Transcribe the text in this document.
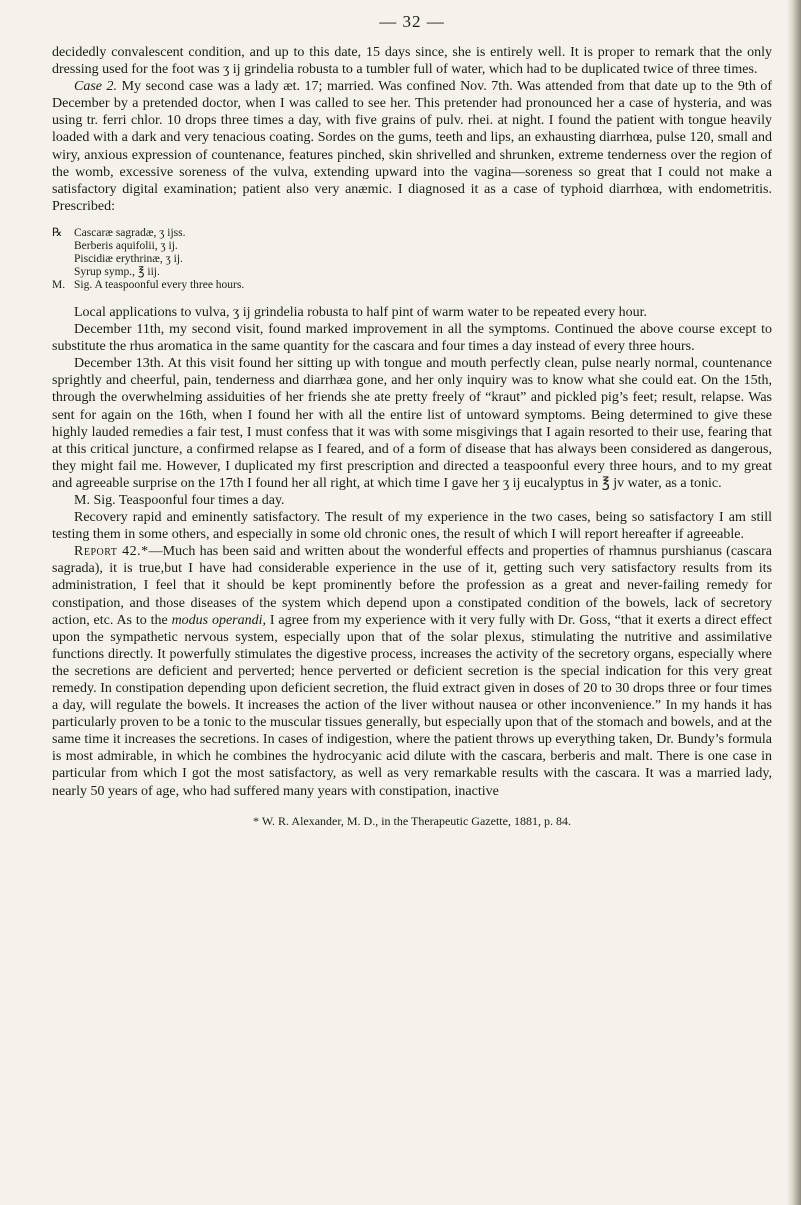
— 32 —

decidedly convalescent condition, and up to this date, 15 days since, she is entirely well. It is proper to remark that the only dressing used for the foot was ʒ ij grindelia robusta to a tumbler full of water, which had to be duplicated twice of three times.

Case 2. My second case was a lady æt. 17; married. Was confined Nov. 7th. Was attended from that date up to the 9th of December by a pretended doctor, when I was called to see her. This pretender had pronounced her a case of hysteria, and was using tr. ferri chlor. 10 drops three times a day, with five grains of pulv. rhei. at night. I found the patient with tongue heavily loaded with a dark and very tenacious coating. Sordes on the gums, teeth and lips, an exhausting diarrhœa, pulse 120, small and wiry, anxious expression of countenance, features pinched, skin shrivelled and shrunken, extreme tenderness over the region of the womb, excessive soreness of the vulva, extending upward into the vagina—soreness so great that I could not make a satisfactory digital examination; patient also very anæmic. I diagnosed it as a case of typhoid diarrhœa, with endometritis. Prescribed:

℞	Cascaræ sagradæ, ʒ ijss.
Berberis aquifolii, ʒ ij.
Piscidiæ erythrinæ, ʒ ij.
Syrup symp., ℥ iij.
M. Sig. A teaspoonful every three hours.

Local applications to vulva, ʒ ij grindelia robusta to half pint of warm water to be repeated every hour.

December 11th, my second visit, found marked improvement in all the symptoms. Continued the above course except to substitute the rhus aromatica in the same quantity for the cascara and four times a day instead of every three hours.

December 13th. At this visit found her sitting up with tongue and mouth perfectly clean, pulse nearly normal, countenance sprightly and cheerful, pain, tenderness and diarrhæa gone, and her only inquiry was to know what she could eat. On the 15th, through the overwhelming assiduities of her friends she ate pretty freely of “kraut” and pickled pig’s feet; result, relapse. Was sent for again on the 16th, when I found her with all the entire list of untoward symptoms. Being determined to give these highly lauded remedies a fair test, I must confess that it was with some misgivings that I again resorted to their use, fearing that at this critical juncture, a confirmed relapse as I feared, and of a form of disease that has always been considered as dangerous, they might fail me. However, I duplicated my first prescription and directed a teaspoonful every three hours, and to my great and agreeable surprise on the 17th I found her all right, at which time I gave her ʒ ij eucalyptus in ℥ jv water, as a tonic.

M. Sig. Teaspoonful four times a day.

Recovery rapid and eminently satisfactory. The result of my experience in the two cases, being so satisfactory I am still testing them in some others, and especially in some old chronic ones, the result of which I will report hereafter if agreeable.

Report 42.*—Much has been said and written about the wonderful effects and properties of rhamnus purshianus (cascara sagrada), it is true,but I have had considerable experience in the use of it, getting such very satisfactory results from its administration, I feel that it should be kept prominently before the profession as a great and never-failing remedy for constipation, and those diseases of the system which depend upon a constipated condition of the bowels, lack of secretory action, etc. As to the modus operandi, I agree from my experience with it very fully with Dr. Goss, “that it exerts a direct effect upon the sympathetic nervous system, especially upon that of the solar plexus, stimulating the nutritive and assimilative functions directly. It powerfully stimulates the digestive process, increases the activity of the secretory organs, especially where the secretions are deficient and perverted; hence perverted or deficient secretion is the special indication for this very great remedy. In constipation depending upon deficient secretion, the fluid extract given in doses of 20 to 30 drops three or four times a day, will regulate the bowels. It increases the action of the liver without nausea or other inconvenience.” In my hands it has particularly proven to be a tonic to the muscular tissues generally, but especially upon that of the stomach and bowels, and at the same time it increases the secretions. In cases of indigestion, where the patient throws up everything taken, Dr. Bundy’s formula is most admirable, in which he combines the hydrocyanic acid dilute with the cascara, berberis and malt. There is one case in particular from which I got the most satisfactory, as well as very remarkable results with the cascara. It was a married lady, nearly 50 years of age, who had suffered many years with constipation, inactive

* W. R. Alexander, M. D., in the Therapeutic Gazette, 1881, p. 84.
